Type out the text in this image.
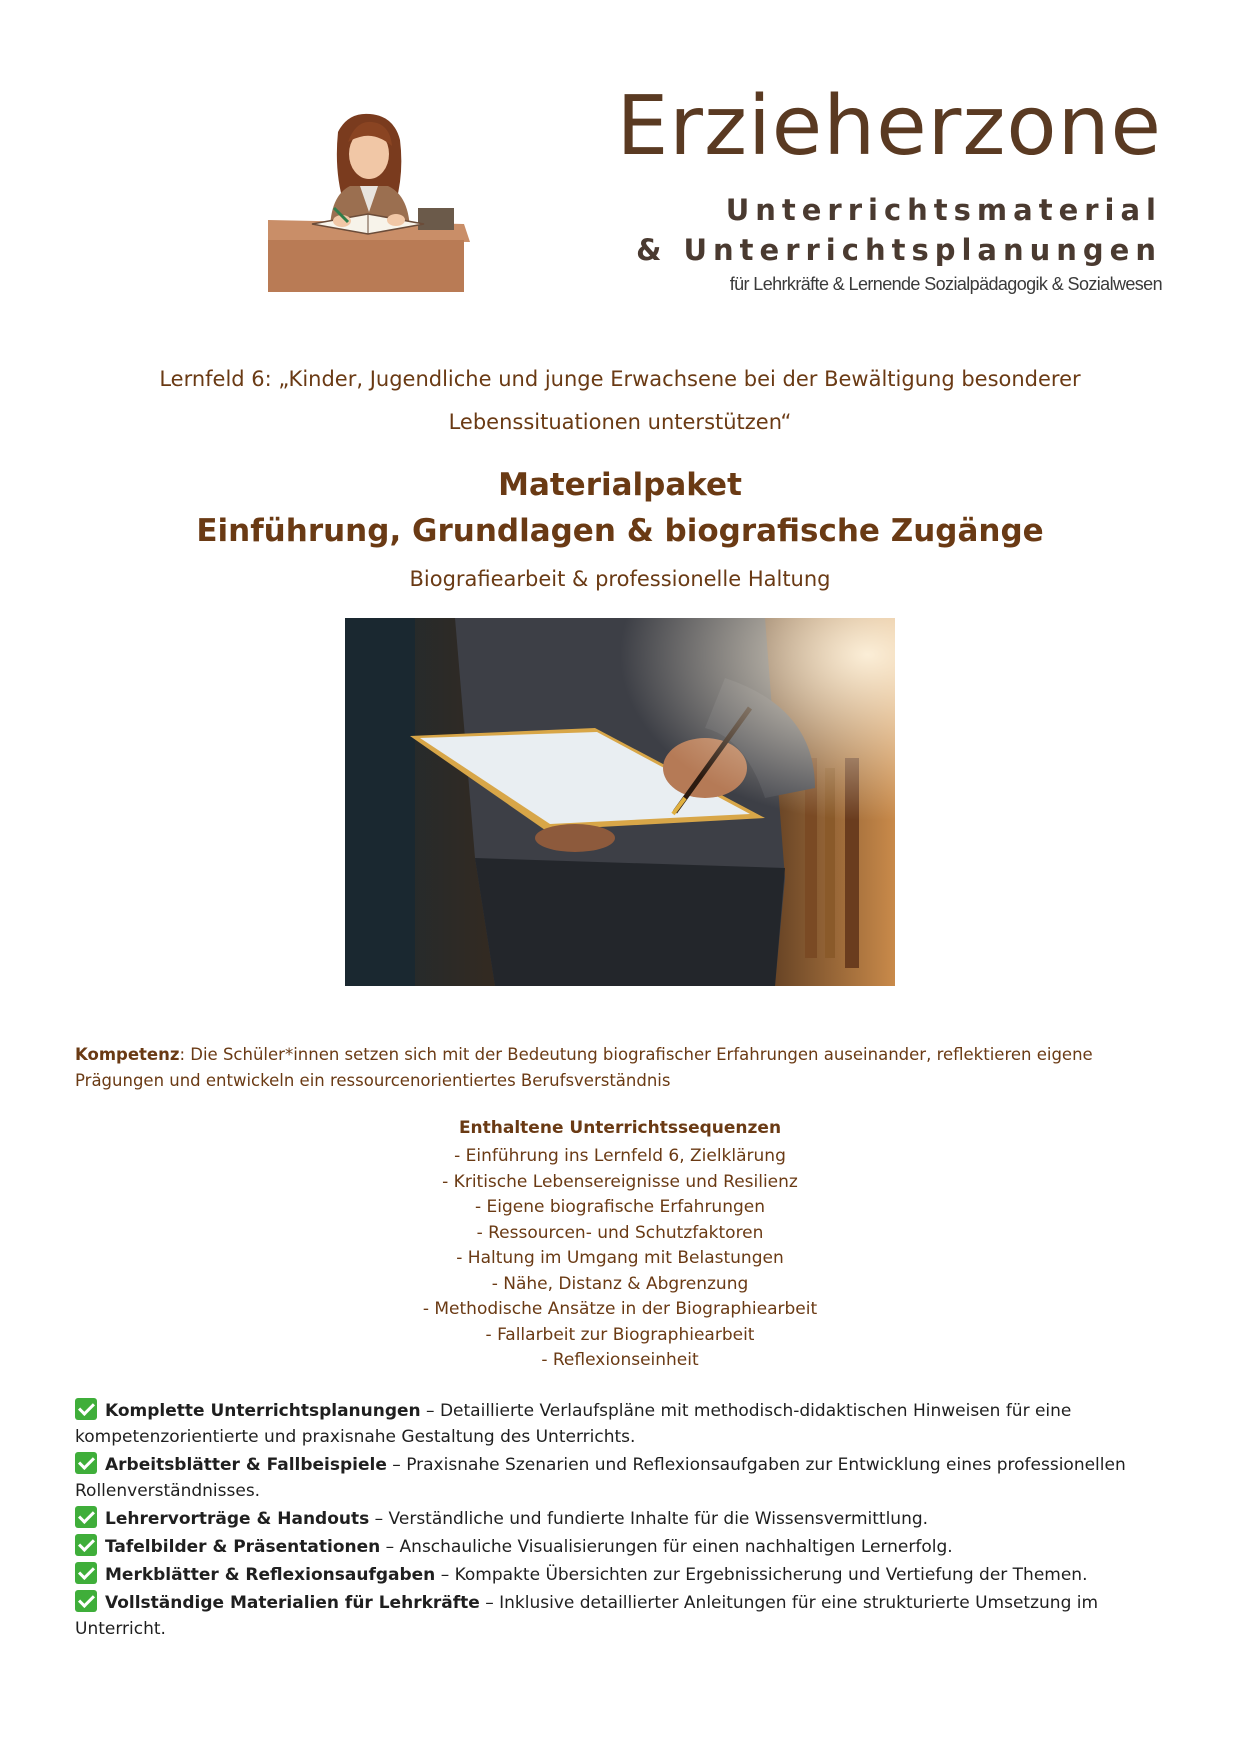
Erzieherzone
Unterrichtsmaterial
& Unterrichtsplanungen
für Lehrkräfte & Lernende Sozialpädagogik & Sozialwesen
Lernfeld 6: „Kinder, Jugendliche und junge Erwachsene bei der Bewältigung besonderer Lebenssituationen unterstützen“
Materialpaket
Einführung, Grundlagen & biografische Zugänge
Biografiearbeit & professionelle Haltung
Kompetenz: Die Schüler*innen setzen sich mit der Bedeutung biografischer Erfahrungen auseinander, reflektieren eigene Prägungen und entwickeln ein ressourcenorientiertes Berufsverständnis
Enthaltene Unterrichtssequenzen
- Einführung ins Lernfeld 6, Zielklärung
- Kritische Lebensereignisse und Resilienz
- Eigene biografische Erfahrungen
- Ressourcen- und Schutzfaktoren
- Haltung im Umgang mit Belastungen
- Nähe, Distanz & Abgrenzung
- Methodische Ansätze in der Biographiearbeit
- Fallarbeit zur Biographiearbeit
- Reflexionseinheit
Komplette Unterrichtsplanungen – Detaillierte Verlaufspläne mit methodisch-didaktischen Hinweisen für eine kompetenzorientierte und praxisnahe Gestaltung des Unterrichts.
Arbeitsblätter & Fallbeispiele – Praxisnahe Szenarien und Reflexionsaufgaben zur Entwicklung eines professionellen Rollenverständnisses.
Lehrervorträge & Handouts – Verständliche und fundierte Inhalte für die Wissensvermittlung.
Tafelbilder & Präsentationen – Anschauliche Visualisierungen für einen nachhaltigen Lernerfolg.
Merkblätter & Reflexionsaufgaben – Kompakte Übersichten zur Ergebnissicherung und Vertiefung der Themen.
Vollständige Materialien für Lehrkräfte – Inklusive detaillierter Anleitungen für eine strukturierte Umsetzung im Unterricht.
